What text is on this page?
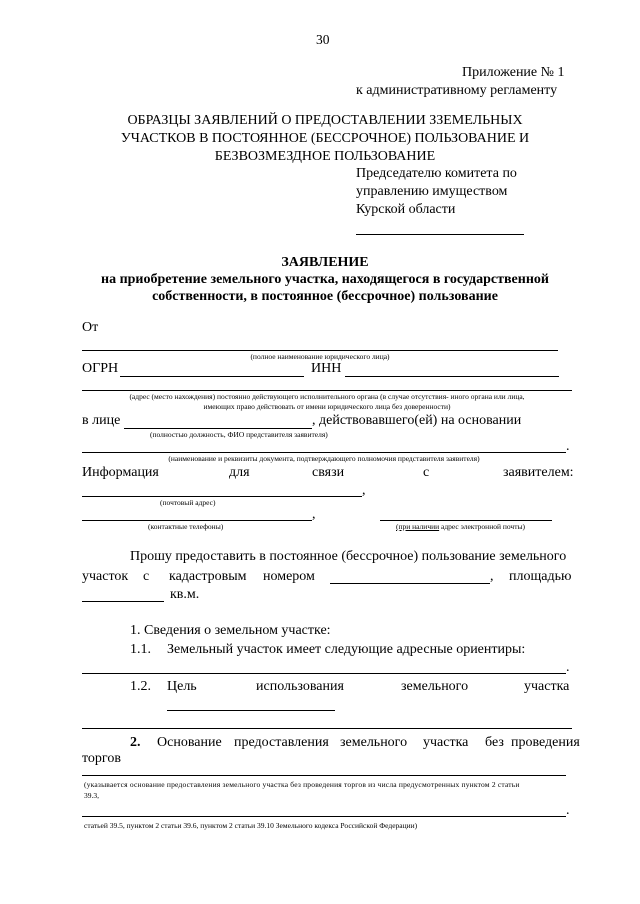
30
Приложение № 1
к административному регламенту
ОБРАЗЦЫ ЗАЯВЛЕНИЙ О ПРЕДОСТАВЛЕНИИ ЗЗЕМЕЛЬНЫХ
УЧАСТКОВ В ПОСТОЯННОЕ (БЕССРОЧНОЕ) ПОЛЬЗОВАНИЕ И
БЕЗВОЗМЕЗДНОЕ ПОЛЬЗОВАНИЕ
Председателю комитета по
управлению имуществом
Курской области
ЗАЯВЛЕНИЕ
на приобретение земельного участка, находящегося в государственной
собственности, в постоянное (бессрочное) пользование
От
(полное наименование юридического лица)
ОГРН	ИНН
(адрес (место нахождения) постоянно действующего исполнительного органа (в случае отсутствия- иного органа или лица,
имеющих право действовать от имени юридического лица без доверенности)
в лице	, действовавшего(ей) на основании
(полностью должность, ФИО представителя заявителя)
.
(наименование и реквизиты документа, подтверждающего полномочия представителя заявителя)
Информация	для	связи	с	заявителем:
,
(почтовый адрес)
,
(контактные телефоны)	(при наличии адрес электронной почты)
Прошу предоставить в постоянное (бессрочное) пользование земельного
участок с кадастровым номером	, площадью
кв.м.
1. Сведения о земельном участке:
1.1. Земельный участок имеет следующие адресные ориентиры:
.
1.2. Цель	использования	земельного	участка
2. Основание предоставления земельного участка без проведения
торгов
(указывается основание предоставления земельного участка без проведения торгов из числа предусмотренных пунктом 2 статьи
39.3,
.
статьей 39.5, пунктом 2 статьи 39.6, пунктом 2 статьи 39.10 Земельного кодекса Российской Федерации)
